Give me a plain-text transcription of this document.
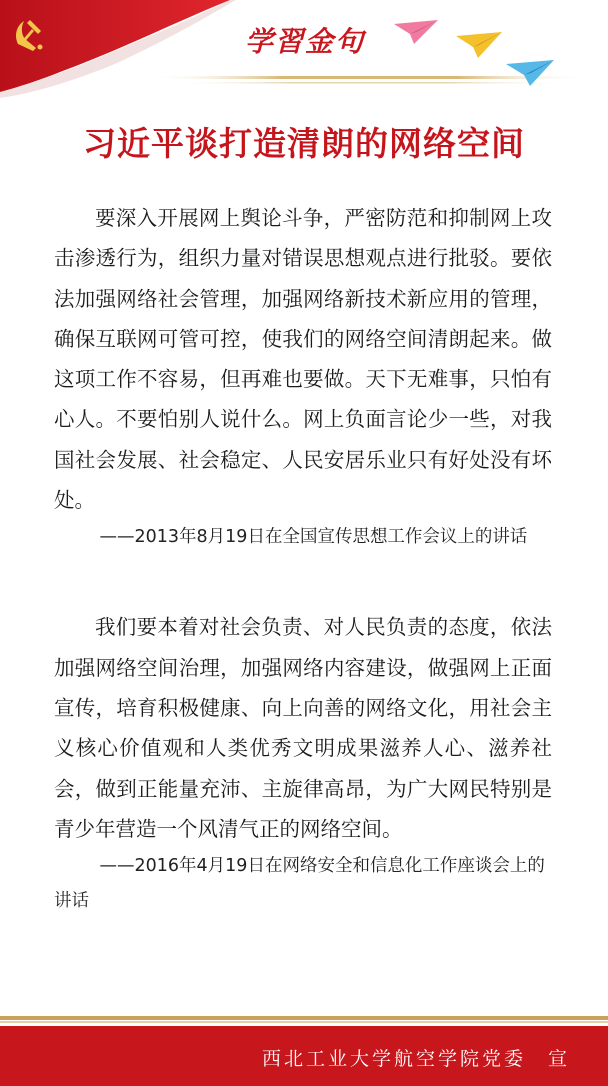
学習金句
习近平谈打造清朗的网络空间

要深入开展网上舆论斗争，严密防范和抑制网上攻击渗透行为，组织力量对错误思想观点进行批驳。要依法加强网络社会管理，加强网络新技术新应用的管理，确保互联网可管可控，使我们的网络空间清朗起来。做这项工作不容易，但再难也要做。天下无难事，只怕有心人。不要怕别人说什么。网上负面言论少一些，对我国社会发展、社会稳定、人民安居乐业只有好处没有坏处。

——2013年8月19日在全国宣传思想工作会议上的讲话

我们要本着对社会负责、对人民负责的态度，依法加强网络空间治理，加强网络内容建设，做强网上正面宣传，培育积极健康、向上向善的网络文化，用社会主义核心价值观和人类优秀文明成果滋养人心、滋养社会，做到正能量充沛、主旋律高昂，为广大网民特别是青少年营造一个风清气正的网络空间。

——2016年4月19日在网络安全和信息化工作座谈会上的讲话

西北工业大学航空学院党委　宣
